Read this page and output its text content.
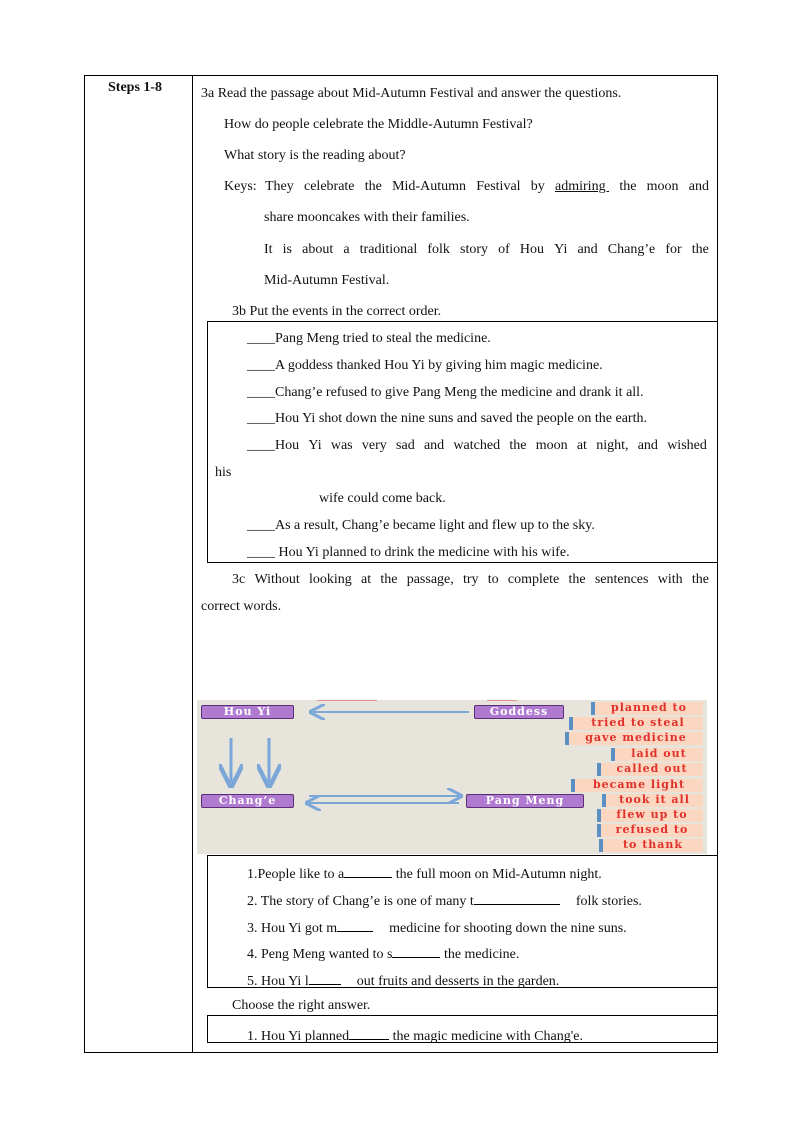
Steps 1-8	3a Read the passage about Mid-Autumn Festival and answer the questions.
How do people celebrate the Middle-Autumn Festival?
What story is the reading about?
Keys: They celebrate the Mid-Autumn Festival by admiring the moon and
share mooncakes with their families.
It is about a traditional folk story of Hou Yi and Chang’e for the
Mid-Autumn Festival.
3b Put the events in the correct order.
____Pang Meng tried to steal the medicine.
____A goddess thanked Hou Yi by giving him magic medicine.
____Chang’e refused to give Pang Meng the medicine and drank it all.
____Hou Yi shot down the nine suns and saved the people on the earth.
____Hou Yi was very sad and watched the moon at night, and wished
his
wife could come back.
____As a result, Chang’e became light and flew up to the sky.
____ Hou Yi planned to drink the medicine with his wife.
3c Without looking at the passage, try to complete the sentences with the
correct words.
Hou Yi	Goddess
Chang’e	Pang Meng
planned to
tried to steal
gave medicine
laid out
called out
became light
took it all
flew up to
refused to
to thank
1.People like to a	the full moon on Mid-Autumn night.
2. The story of Chang’e is one of many t	folk stories.
3. Hou Yi got m	medicine for shooting down the nine suns.
4. Peng Meng wanted to s	the medicine.
5. Hou Yi l	out fruits and desserts in the garden.
Choose the right answer.
1. Hou Yi planned	the magic medicine with Chang'e.
